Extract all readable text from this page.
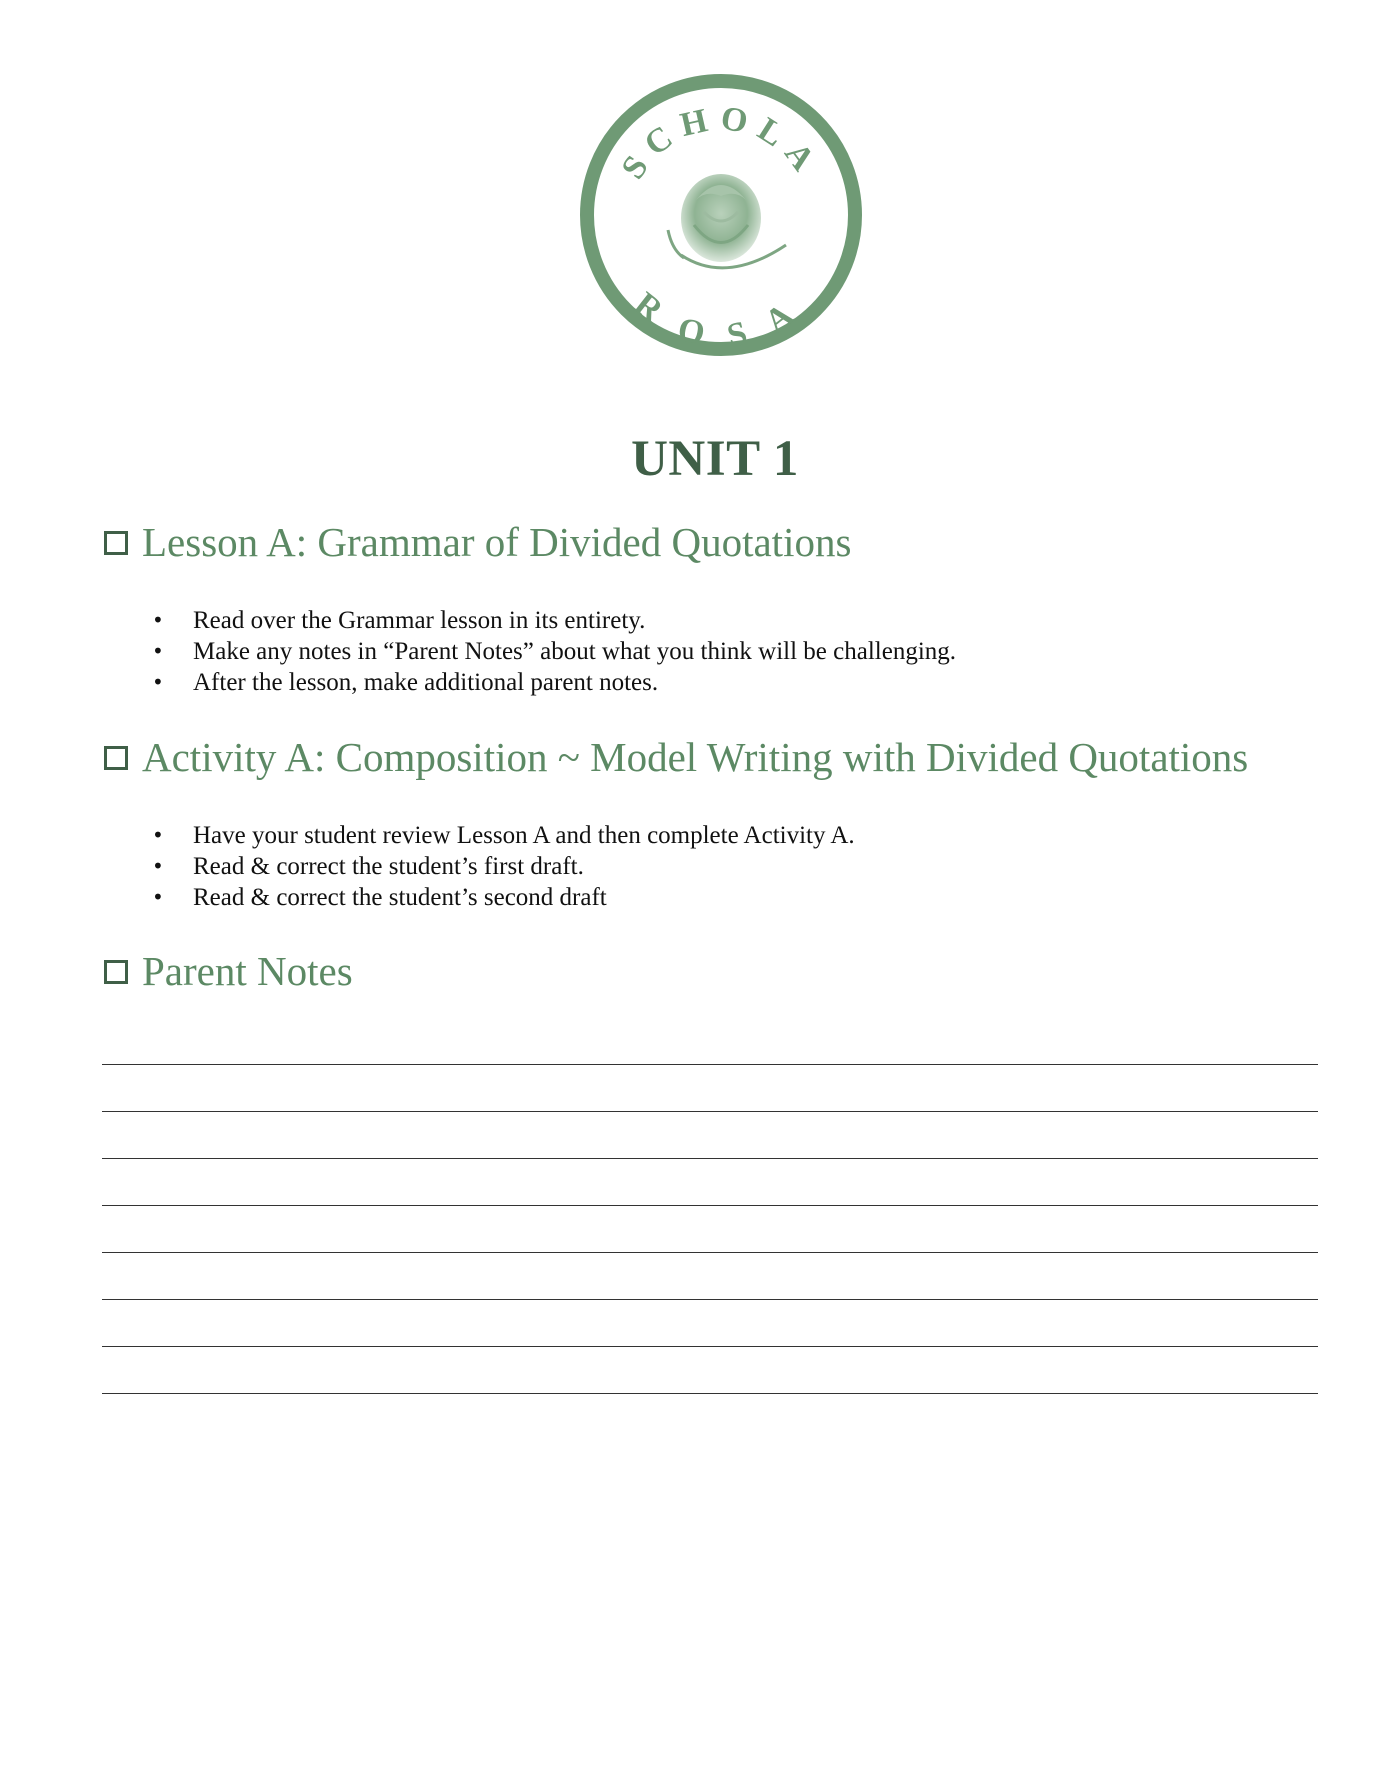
SCHOLA
ROSA
UNIT 1
Lesson A: Grammar of Divided Quotations
• Read over the Grammar lesson in its entirety.
• Make any notes in “Parent Notes” about what you think will be challenging.
• After the lesson, make additional parent notes.
Activity A: Composition ~ Model Writing with Divided Quotations
• Have your student review Lesson A and then complete Activity A.
• Read & correct the student’s first draft.
• Read & correct the student’s second draft
Parent Notes
